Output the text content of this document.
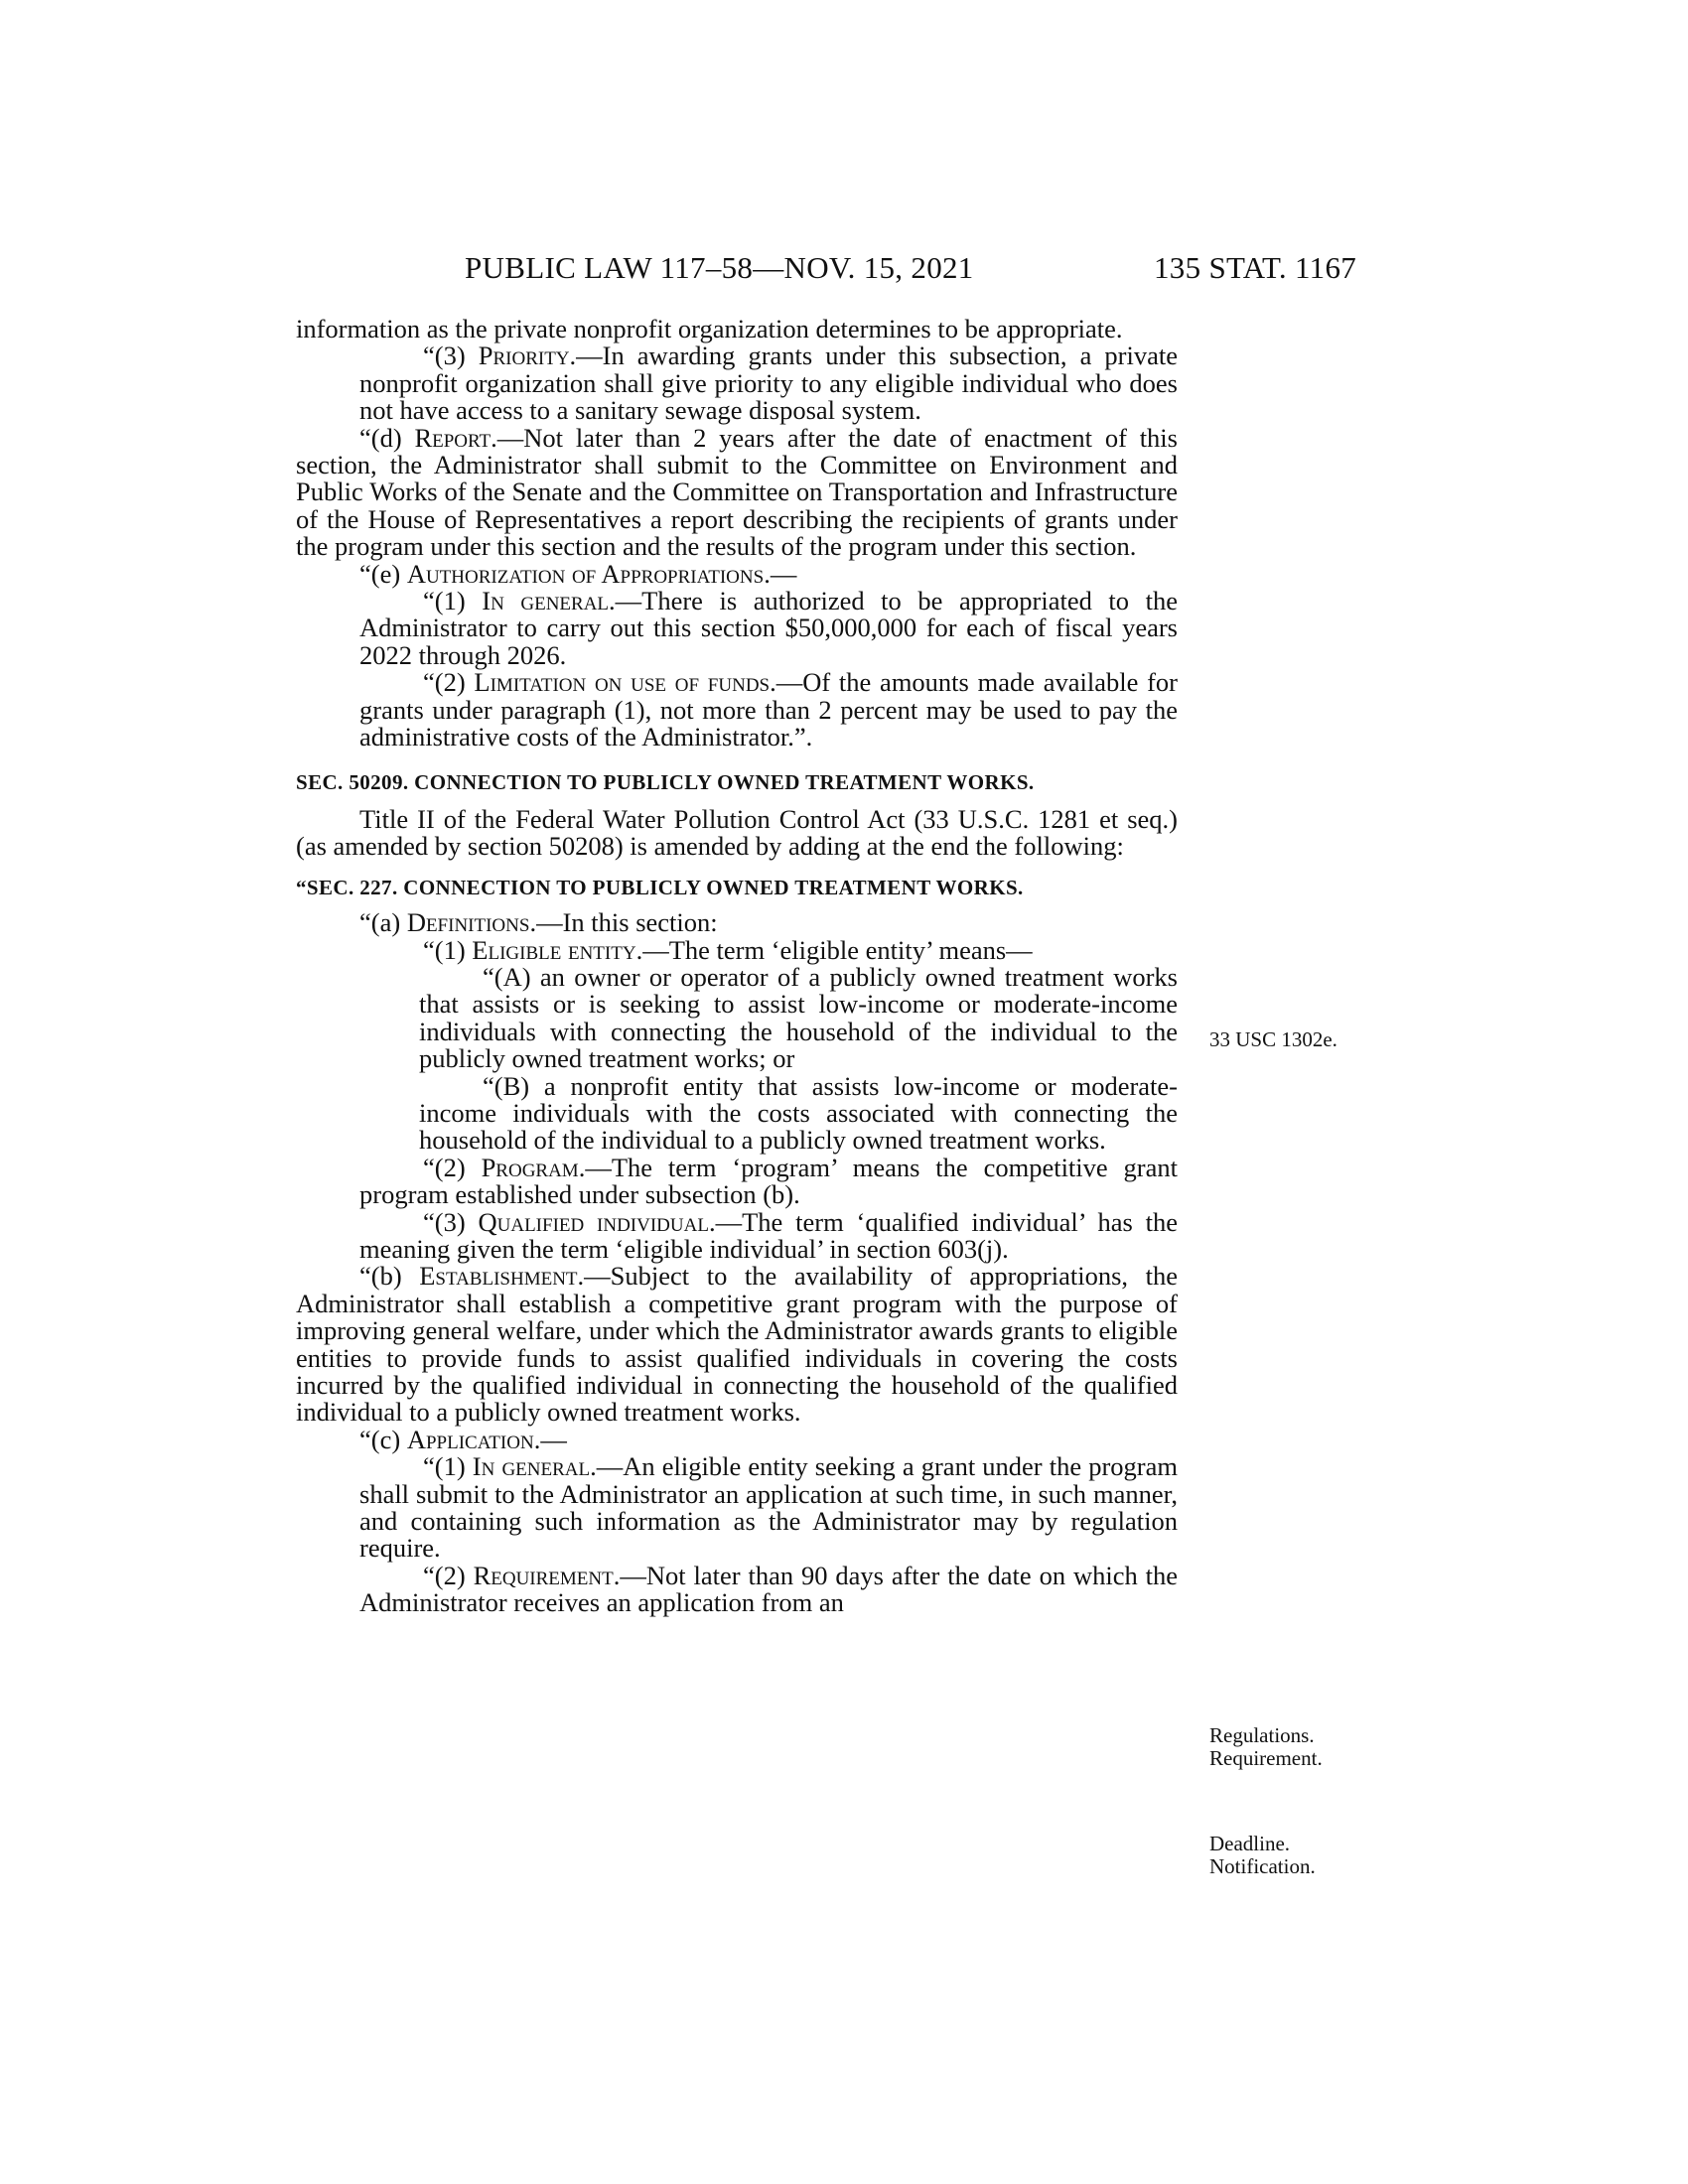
PUBLIC LAW 117–58—NOV. 15, 2021	135 STAT. 1167

information as the private nonprofit organization determines to be appropriate.

“(3) Priority.—In awarding grants under this subsection, a private nonprofit organization shall give priority to any eligible individual who does not have access to a sanitary sewage disposal system.

“(d) Report.—Not later than 2 years after the date of enactment of this section, the Administrator shall submit to the Committee on Environment and Public Works of the Senate and the Committee on Transportation and Infrastructure of the House of Representatives a report describing the recipients of grants under the program under this section and the results of the program under this section.

“(e) Authorization of Appropriations.—

“(1) In general.—There is authorized to be appropriated to the Administrator to carry out this section $50,000,000 for each of fiscal years 2022 through 2026.

“(2) Limitation on use of funds.—Of the amounts made available for grants under paragraph (1), not more than 2 percent may be used to pay the administrative costs of the Administrator.”.

SEC. 50209. CONNECTION TO PUBLICLY OWNED TREATMENT WORKS.

Title II of the Federal Water Pollution Control Act (33 U.S.C. 1281 et seq.) (as amended by section 50208) is amended by adding at the end the following:

“SEC. 227. CONNECTION TO PUBLICLY OWNED TREATMENT WORKS.

“(a) Definitions.—In this section:

“(1) Eligible entity.—The term ‘eligible entity’ means—

“(A) an owner or operator of a publicly owned treatment works that assists or is seeking to assist low-income or moderate-income individuals with connecting the household of the individual to the publicly owned treatment works; or

“(B) a nonprofit entity that assists low-income or moderate-income individuals with the costs associated with connecting the household of the individual to a publicly owned treatment works.

“(2) Program.—The term ‘program’ means the competitive grant program established under subsection (b).

“(3) Qualified individual.—The term ‘qualified individual’ has the meaning given the term ‘eligible individual’ in section 603(j).

“(b) Establishment.—Subject to the availability of appropriations, the Administrator shall establish a competitive grant program with the purpose of improving general welfare, under which the Administrator awards grants to eligible entities to provide funds to assist qualified individuals in covering the costs incurred by the qualified individual in connecting the household of the qualified individual to a publicly owned treatment works.

“(c) Application.—

“(1) In general.—An eligible entity seeking a grant under the program shall submit to the Administrator an application at such time, in such manner, and containing such information as the Administrator may by regulation require.

“(2) Requirement.—Not later than 90 days after the date on which the Administrator receives an application from an

33 USC 1302e.
Regulations.
Requirement.
Deadline.
Notification.
